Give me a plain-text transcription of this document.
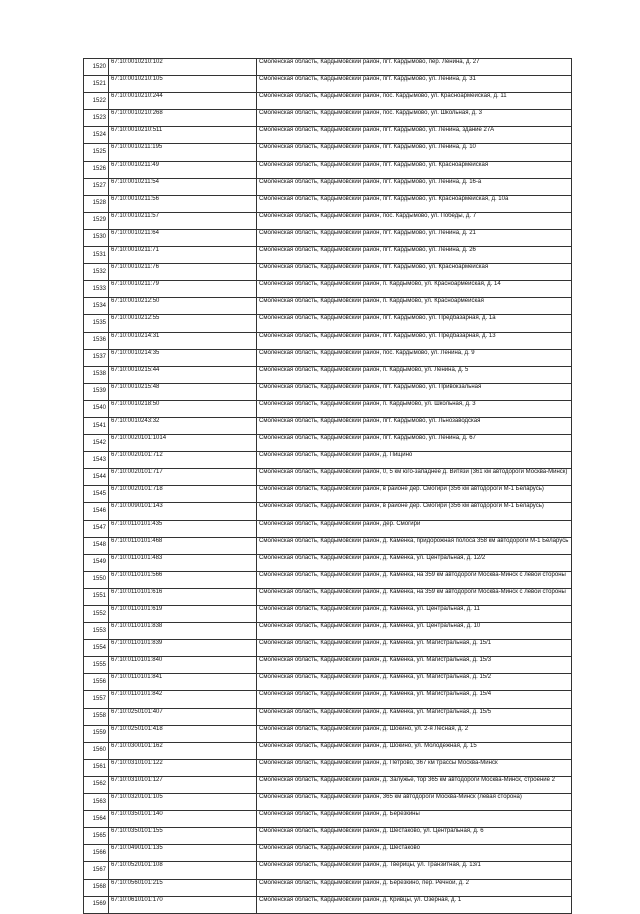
1520	67:10:0010210:102	Смоленская область, Кардымовский район, пгт. Кардымово, пер. Ленина, д. 27
1521	67:10:0010210:105	Смоленская область, Кардымовский район, пгт. Кардымово, ул. Ленина, д. 31
1522	67:10:0010210:244	Смоленская область, Кардымовский район, пос. Кардымово, ул. Красноармейская, д. 11
1523	67:10:0010210:268	Смоленская область, Кардымовский район, пос. Кардымово, ул. Школьная, д. 3
1524	67:10:0010210:511	Смоленская область, Кардымовский район, пгт. Кардымово, ул. Ленина, здание 27А
1525	67:10:0010211:195	Смоленская область, Кардымовский район, пгт. Кардымово, ул. Ленина, д. 10
1526	67:10:0010211:49	Смоленская область, Кардымовский район, пгт. Кардымово, ул. Красноармейская
1527	67:10:0010211:54	Смоленская область, Кардымовский район, пгт. Кардымово, ул. Ленина, д. 16-а
1528	67:10:0010211:56	Смоленская область, Кардымовский район, пгт. Кардымово, ул. Красноармейская, д. 10а
1529	67:10:0010211:57	Смоленская область, Кардымовский район, пос. Кардымово, ул. Победы, д. 7
1530	67:10:0010211:64	Смоленская область, Кардымовский район, пгт. Кардымово, ул. Ленина, д. 21
1531	67:10:0010211:71	Смоленская область, Кардымовский район, пгт. Кардымово, ул. Ленина, д. 26
1532	67:10:0010211:76	Смоленская область, Кардымовский район, пгт. Кардымово, ул. Красноармейская
1533	67:10:0010211:79	Смоленская область, Кардымовский район, п. Кардымово, ул. Красноармейская, д. 14
1534	67:10:0010212:50	Смоленская область, Кардымовский район, п. Кардымово, ул. Красноармейская
1535	67:10:0010212:55	Смоленская область, Кардымовский район, пгт. Кардымово, ул. Предбазарная, д. 1а
1536	67:10:0010214:31	Смоленская область, Кардымовский район, пгт. Кардымово, ул. Предбазарная, д. 13
1537	67:10:0010214:35	Смоленская область, Кардымовский район, пос. Кардымово, ул. Ленина, д. 9
1538	67:10:0010215:44	Смоленская область, Кардымовский район, п. Кардымово, ул. Ленина, д. 5
1539	67:10:0010215:48	Смоленская область, Кардымовский район, пгт. Кардымово, ул. Привокзальная
1540	67:10:0010218:50	Смоленская область, Кардымовский район, п. Кардымово, ул. Школьная, д. 3
1541	67:10:0010243:32	Смоленская область, Кардымовский район, пгт. Кардымово, ул. Льнозаводская
1542	67:10:0020101:1014	Смоленская область, Кардымовский район, пгт. Кардымово, ул. Ленина, д. 67
1543	67:10:0020101:712	Смоленская область, Кардымовский район, д. Пищино
1544	67:10:0020101:717	Смоленская область, Кардымовский район, 0, 5 км юго-западнее д. Витязи (361 км автодороги Москва-Минск)
1545	67:10:0020101:718	Смоленская область, Кардымовский район, в районе дер. Смогири (356 км автодороги М-1 Беларусь)
1546	67:10:0090101:143	Смоленская область, Кардымовский район, в районе дер. Смогири (356 км автодороги М-1 Беларусь)
1547	67:10:0110101:435	Смоленская область, Кардымовский район, дер. Смогири
1548	67:10:0110101:468	Смоленская область, Кардымовский район, д. Каменка, придорожная полоса 358 км автодороги М-1 Беларусь
1549	67:10:0110101:483	Смоленская область, Кардымовский район, д. Каменка, ул. Центральная, д. 12/2
1550	67:10:0110101:566	Смоленская область, Кардымовский район, д. Каменка, на 359 км автодороги Москва-Минск с левой стороны
1551	67:10:0110101:616	Смоленская область, Кардымовский район, д. Каменка, на 359 км автодороги Москва-Минск с левой стороны
1552	67:10:0110101:619	Смоленская область, Кардымовский район, д. Каменка, ул. Центральная, д. 11
1553	67:10:0110101:838	Смоленская область, Кардымовский район, д. Каменка, ул. Центральная, д. 10
1554	67:10:0110101:839	Смоленская область, Кардымовский район, д. Каменка, ул. Магистральная, д. 15/1
1555	67:10:0110101:840	Смоленская область, Кардымовский район, д. Каменка, ул. Магистральная, д. 15/3
1556	67:10:0110101:841	Смоленская область, Кардымовский район, д. Каменка, ул. Магистральная, д. 15/2
1557	67:10:0110101:842	Смоленская область, Кардымовский район, д. Каменка, ул. Магистральная, д. 15/4
1558	67:10:0250101:407	Смоленская область, Кардымовский район, д. Каменка, ул. Магистральная, д. 15/5
1559	67:10:0250101:418	Смоленская область, Кардымовский район, д. Шокино, ул. 2-я Лесная, д. 2
1560	67:10:0300101:162	Смоленская область, Кардымовский район, д. Шокино, ул. Молодежная, д. 15
1561	67:10:0310101:122	Смоленская область, Кардымовский район, д. Петрово, 367 км трассы Москва-Минск
1562	67:10:0310101:127	Смоленская область, Кардымовский район, д. Залужье, тор 365 км автодороги Москва-Минск, строение 2
1563	67:10:0320101:105	Смоленская область, Кардымовский район, 365 км автодороги Москва-Минск (левая сторона)
1564	67:10:0350101:140	Смоленская область, Кардымовский район, д. Березкины
1565	67:10:0350101:155	Смоленская область, Кардымовский район, д. Шестаково, ул. Центральная, д. 6
1566	67:10:0490101:135	Смоленская область, Кардымовский район, д. Шестаково
1567	67:10:0520101:108	Смоленская область, Кардымовский район, д. Тверицы, ул. Транзитная, д. 13/1
1568	67:10:0560101:215	Смоленская область, Кардымовский район, д. Березкино, пер. Речной, д. 2
1569	67:10:0610101:170	Смоленская область, Кардымовский район, д. Кривцы, ул. Озерная, д. 1
